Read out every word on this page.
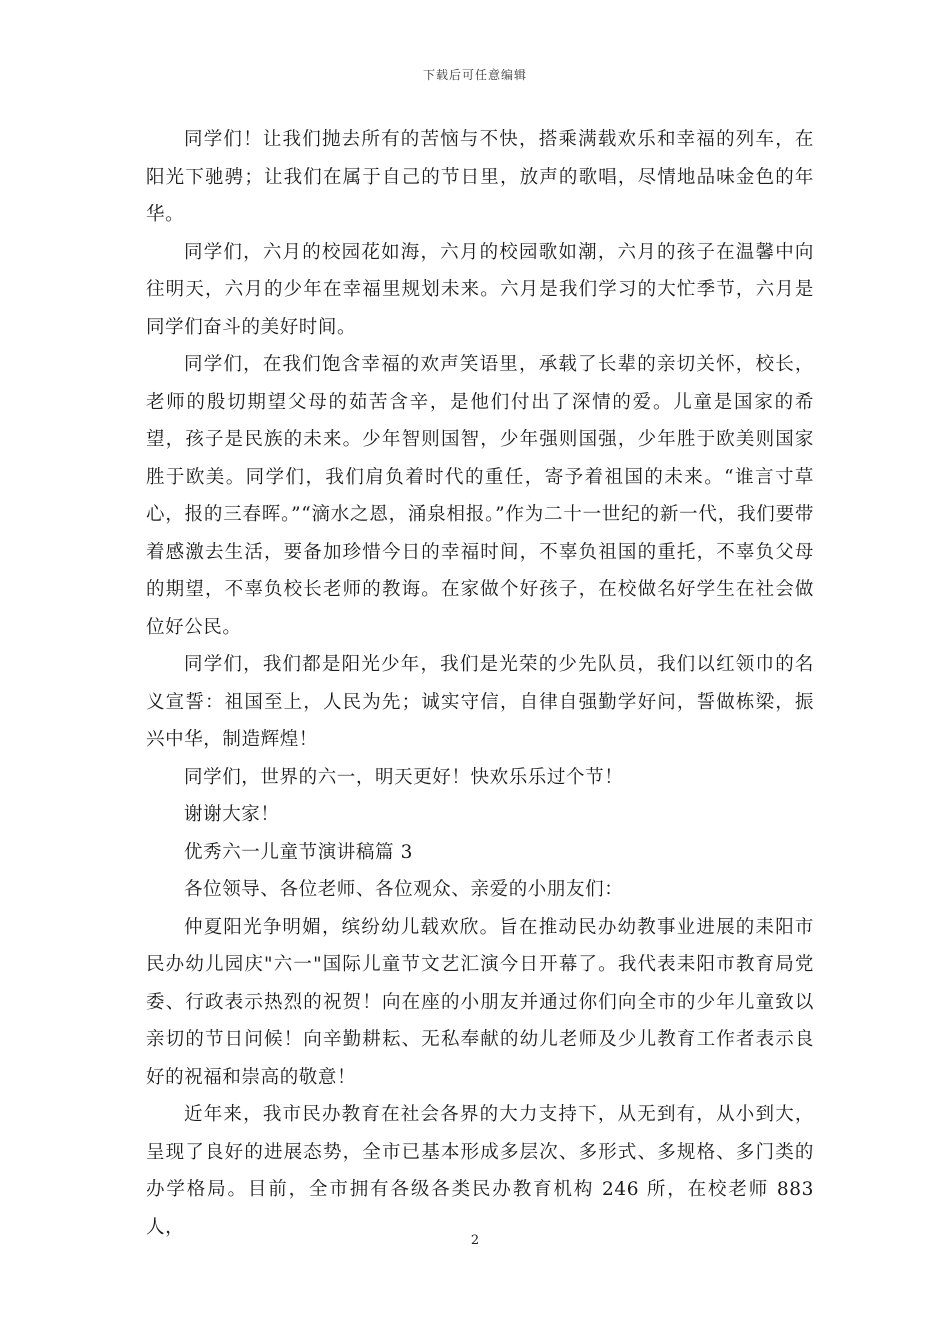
下载后可任意编辑

同学们！让我们抛去所有的苦恼与不快，搭乘满载欢乐和幸福的列车，在阳光下驰骋；让我们在属于自己的节日里，放声的歌唱，尽情地品味金色的年华。

同学们，六月的校园花如海，六月的校园歌如潮，六月的孩子在温馨中向往明天，六月的少年在幸福里规划未来。六月是我们学习的大忙季节，六月是同学们奋斗的美好时间。

同学们，在我们饱含幸福的欢声笑语里，承载了长辈的亲切关怀，校长，老师的殷切期望父母的茹苦含辛，是他们付出了深情的爱。儿童是国家的希望，孩子是民族的未来。少年智则国智，少年强则国强，少年胜于欧美则国家胜于欧美。同学们，我们肩负着时代的重任，寄予着祖国的未来。“谁言寸草心，报的三春晖。”“滴水之恩，涌泉相报。”作为二十一世纪的新一代，我们要带着感激去生活，要备加珍惜今日的幸福时间，不辜负祖国的重托，不辜负父母的期望，不辜负校长老师的教诲。在家做个好孩子，在校做名好学生在社会做位好公民。

同学们，我们都是阳光少年，我们是光荣的少先队员，我们以红领巾的名义宣誓：祖国至上，人民为先；诚实守信，自律自强勤学好问，誓做栋梁，振兴中华，制造辉煌！

同学们，世界的六一，明天更好！快欢乐乐过个节！

谢谢大家！

优秀六一儿童节演讲稿篇 3

各位领导、各位老师、各位观众、亲爱的小朋友们：

仲夏阳光争明媚，缤纷幼儿载欢欣。旨在推动民办幼教事业进展的耒阳市民办幼儿园庆"六一"国际儿童节文艺汇演今日开幕了。我代表耒阳市教育局党委、行政表示热烈的祝贺！向在座的小朋友并通过你们向全市的少年儿童致以亲切的节日问候！向辛勤耕耘、无私奉献的幼儿老师及少儿教育工作者表示良好的祝福和崇高的敬意！

近年来，我市民办教育在社会各界的大力支持下，从无到有，从小到大，呈现了良好的进展态势，全市已基本形成多层次、多形式、多规格、多门类的办学格局。目前，全市拥有各级各类民办教育机构 246 所，在校老师 883 人，

2
